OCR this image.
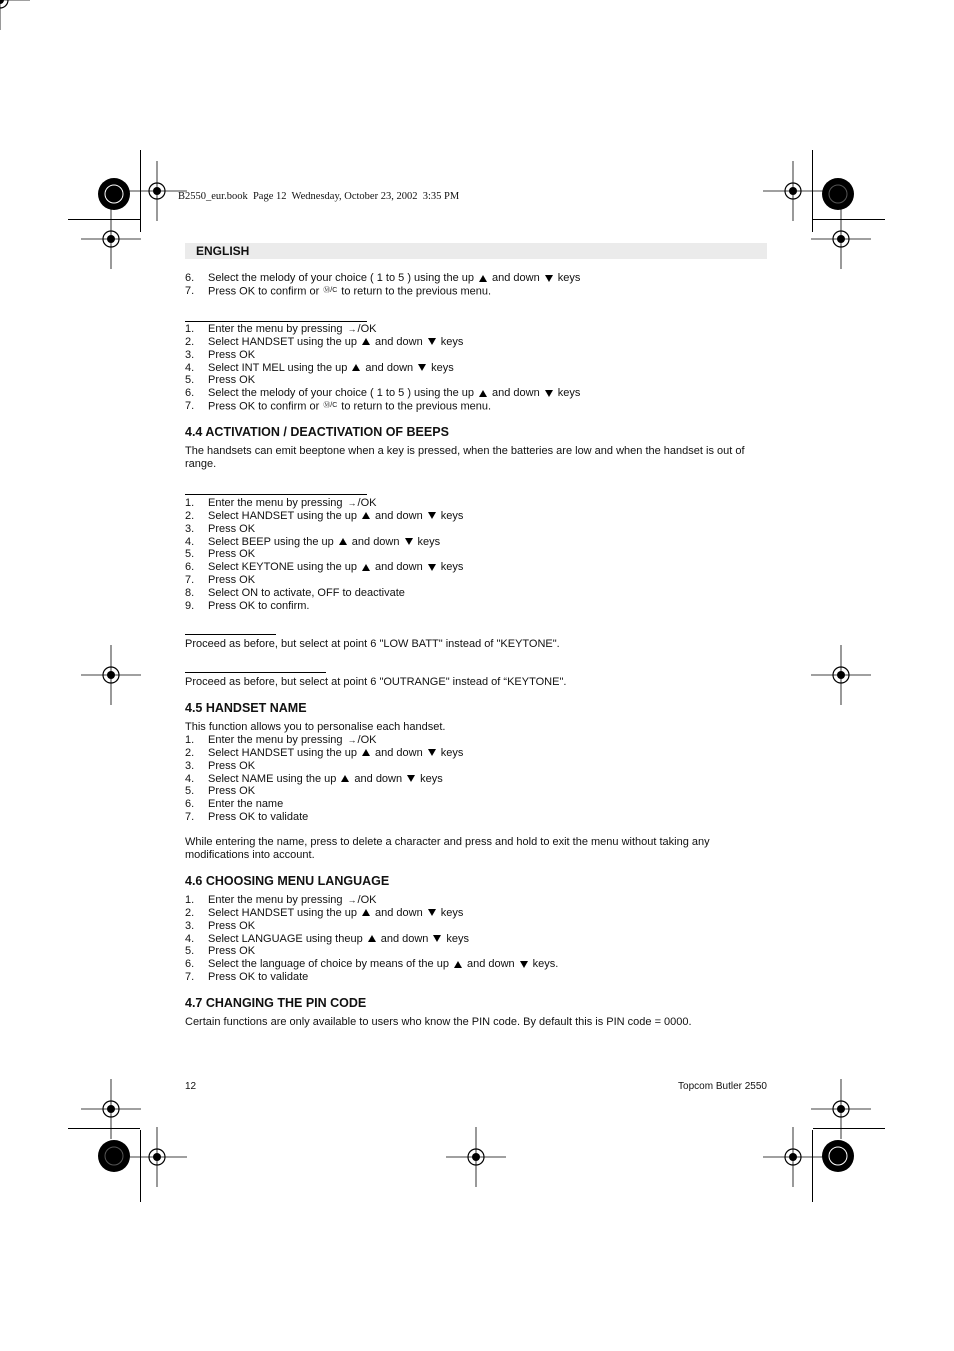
B2550_eur.book  Page 12  Wednesday, October 23, 2002  3:35 PM
ENGLISH
6. Select the melody of your choice ( 1 to 5 ) using the up and down keys
7. Press OK to confirm or Ⓜ/C to return to the previous menu.
1. Enter the menu by pressing →/OK
2. Select HANDSET using the up and down keys
3. Press OK
4. Select INT MEL using the up and down keys
5. Press OK
6. Select the melody of your choice ( 1 to 5 ) using the up and down keys
7. Press OK to confirm or Ⓜ/C to return to the previous menu.
4.4 ACTIVATION / DEACTIVATION OF BEEPS
The handsets can emit beeptone when a key is pressed, when the batteries are low and when the handset is out of range.
1. Enter the menu by pressing →/OK
2. Select HANDSET using the up and down keys
3. Press OK
4. Select BEEP using the up and down keys
5. Press OK
6. Select KEYTONE using the up and down keys
7. Press OK
8. Select ON to activate, OFF to deactivate
9. Press OK to confirm.
Proceed as before, but select at point 6 "LOW BATT" instead of "KEYTONE".
Proceed as before, but select at point 6 "OUTRANGE" instead of “KEYTONE".
4.5 HANDSET NAME
This function allows you to personalise each handset.
1. Enter the menu by pressing →/OK
2. Select HANDSET using the up and down keys
3. Press OK
4. Select NAME using the up and down keys
5. Press OK
6. Enter the name
7. Press OK to validate
While entering the name, press to delete a character and press and hold to exit the menu without taking any modifications into account.
4.6 CHOOSING MENU LANGUAGE
1. Enter the menu by pressing →/OK
2. Select HANDSET using the up and down keys
3. Press OK
4. Select LANGUAGE using theup and down keys
5. Press OK
6. Select the language of choice by means of the up and down keys.
7. Press OK to validate
4.7 CHANGING THE PIN CODE
Certain functions are only available to users who know the PIN code. By default this is PIN code = 0000.
12	Topcom Butler 2550
